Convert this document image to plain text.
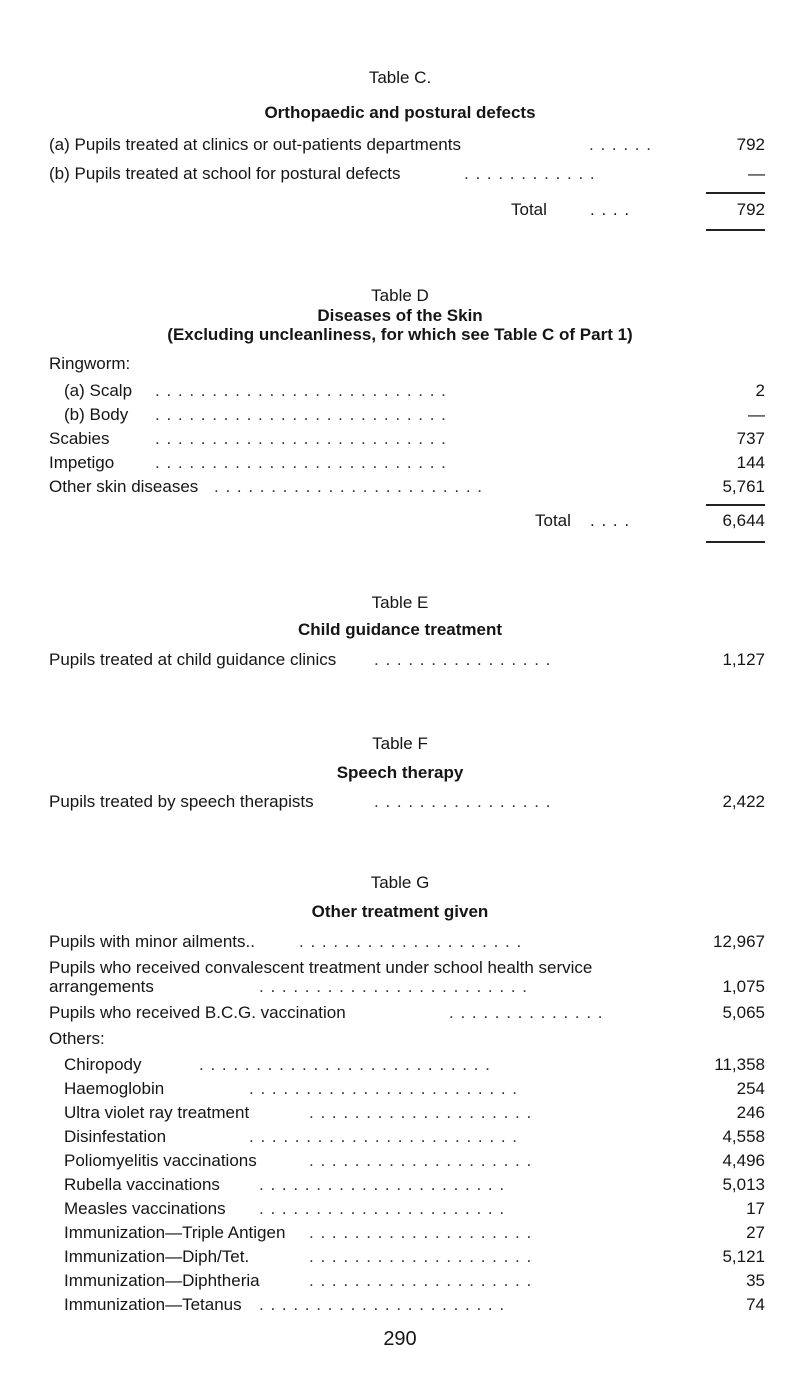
Table C.
Orthopaedic and postural defects
(a) Pupils treated at clinics or out-patients departments	. . . . . .	792
(b) Pupils treated at school for postural defects	. . . . . . . . . . . .	—
Total	. . . .	792
Table D
Diseases of the Skin
(Excluding uncleanliness, for which see Table C of Part 1)
Ringworm:
(a) Scalp . . . . . . . . . . . . . . . . . . . . . . . . . .	2
(b) Body . . . . . . . . . . . . . . . . . . . . . . . . . .	—
Scabies	. . . . . . . . . . . . . . . . . . . . . . . . . .	737
Impetigo . . . . . . . . . . . . . . . . . . . . . . . . . .	144
Other skin diseases . . . . . . . . . . . . . . . . . . . . . . . .	5,761
Total . . . .	6,644
Table E
Child guidance treatment
Pupils treated at child guidance clinics . . . . . . . . . . . . . . . .	1,127
Table F
Speech therapy
Pupils treated by speech therapists	. . . . . . . . . . . . . . . .	2,422
Table G
Other treatment given
Pupils with minor ailments..	. . . . . . . . . . . . . . . . . . . .	12,967
Pupils who received convalescent treatment under school health service
arrangements	. . . . . . . . . . . . . . . . . . . . . . . .	1,075
Pupils who received B.C.G. vaccination	. . . . . . . . . . . . . .	5,065
Others:
Chiropody	. . . . . . . . . . . . . . . . . . . . . . . . . .	11,358
Haemoglobin	. . . . . . . . . . . . . . . . . . . . . . . .	254
Ultra violet ray treatment	. . . . . . . . . . . . . . . . . . . .	246
Disinfestation	. . . . . . . . . . . . . . . . . . . . . . . .	4,558
Poliomyelitis vaccinations	. . . . . . . . . . . . . . . . . . . .	4,496
Rubella vaccinations . . . . . . . . . . . . . . . . . . . . . .	5,013
Measles vaccinations . . . . . . . . . . . . . . . . . . . . . .	17
Immunization—Triple Antigen . . . . . . . . . . . . . . . . . . . .	27
Immunization—Diph/Tet.	. . . . . . . . . . . . . . . . . . . .	5,121
Immunization—Diphtheria	. . . . . . . . . . . . . . . . . . . .	35
Immunization—Tetanus . . . . . . . . . . . . . . . . . . . . . .	74
290
